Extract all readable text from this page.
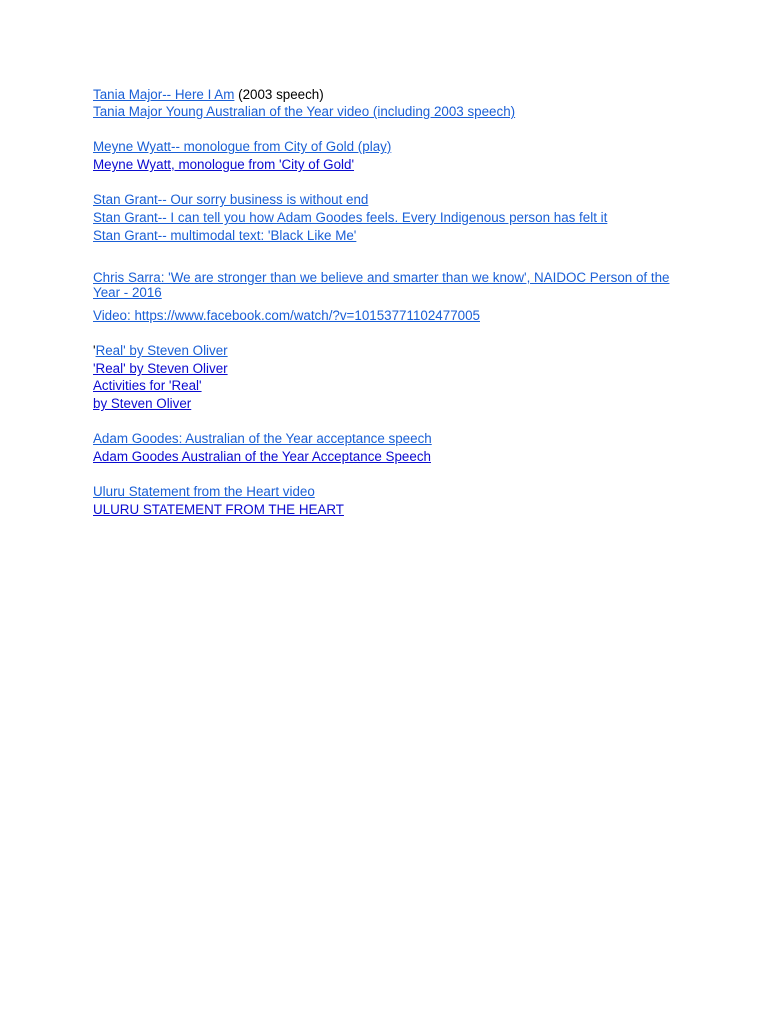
Tania Major-- Here I Am (2003 speech)
Tania Major Young Australian of the Year video (including 2003 speech)
Meyne Wyatt-- monologue from City of Gold (play)
Meyne Wyatt, monologue from 'City of Gold'
Stan Grant-- Our sorry business is without end
Stan Grant-- I can tell you how Adam Goodes feels. Every Indigenous person has felt it
Stan Grant-- multimodal text: 'Black Like Me'
Chris Sarra: 'We are stronger than we believe and smarter than we know', NAIDOC Person of the Year - 2016
Video: https://www.facebook.com/watch/?v=10153771102477005
'Real' by Steven Oliver
'Real' by Steven Oliver
Activities for 'Real'
by Steven Oliver
Adam Goodes: Australian of the Year acceptance speech
Adam Goodes Australian of the Year Acceptance Speech
Uluru Statement from the Heart video
ULURU STATEMENT FROM THE HEART
